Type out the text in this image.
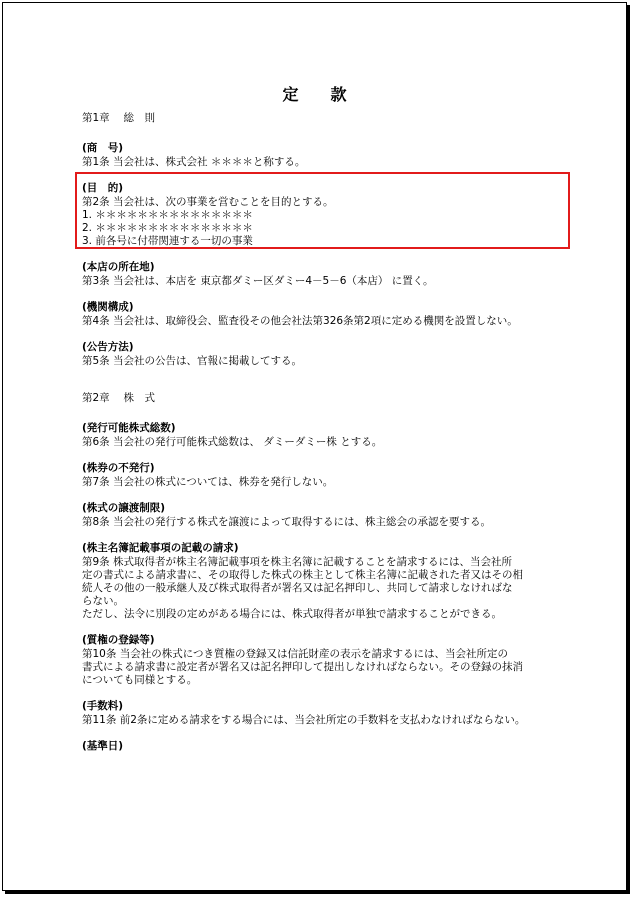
定　　款
第1章　 総　則
(商　号)
第1条 当会社は、株式会社 ＊＊＊＊と称する。
(目　的)
第2条 当会社は、次の事業を営むことを目的とする。
1. ＊＊＊＊＊＊＊＊＊＊＊＊＊＊＊
2. ＊＊＊＊＊＊＊＊＊＊＊＊＊＊＊
3. 前各号に付帯関連する一切の事業
(本店の所在地)
第3条 当会社は、本店を 東京都ダミー区ダミー4－5－6（本店） に置く。
(機関構成)
第4条 当会社は、取締役会、監査役その他会社法第326条第2項に定める機関を設置しない。
(公告方法)
第5条 当会社の公告は、官報に掲載してする。
第2章　 株　式
(発行可能株式総数)
第6条 当会社の発行可能株式総数は、 ダミーダミー株 とする。
(株券の不発行)
第7条 当会社の株式については、株券を発行しない。
(株式の譲渡制限)
第8条 当会社の発行する株式を譲渡によって取得するには、株主総会の承認を要する。
(株主名簿記載事項の記載の請求)
第9条 株式取得者が株主名簿記載事項を株主名簿に記載することを請求するには、当会社所
定の書式による請求書に、その取得した株式の株主として株主名簿に記載された者又はその相
続人その他の一般承継人及び株式取得者が署名又は記名押印し、共同して請求しなければな
らない。
ただし、法令に別段の定めがある場合には、株式取得者が単独で請求することができる。
(質権の登録等)
第10条 当会社の株式につき質権の登録又は信託財産の表示を請求するには、当会社所定の
書式による請求書に設定者が署名又は記名押印して提出しなければならない。その登録の抹消
についても同様とする。
(手数料)
第11条 前2条に定める請求をする場合には、当会社所定の手数料を支払わなければならない。
(基準日)
